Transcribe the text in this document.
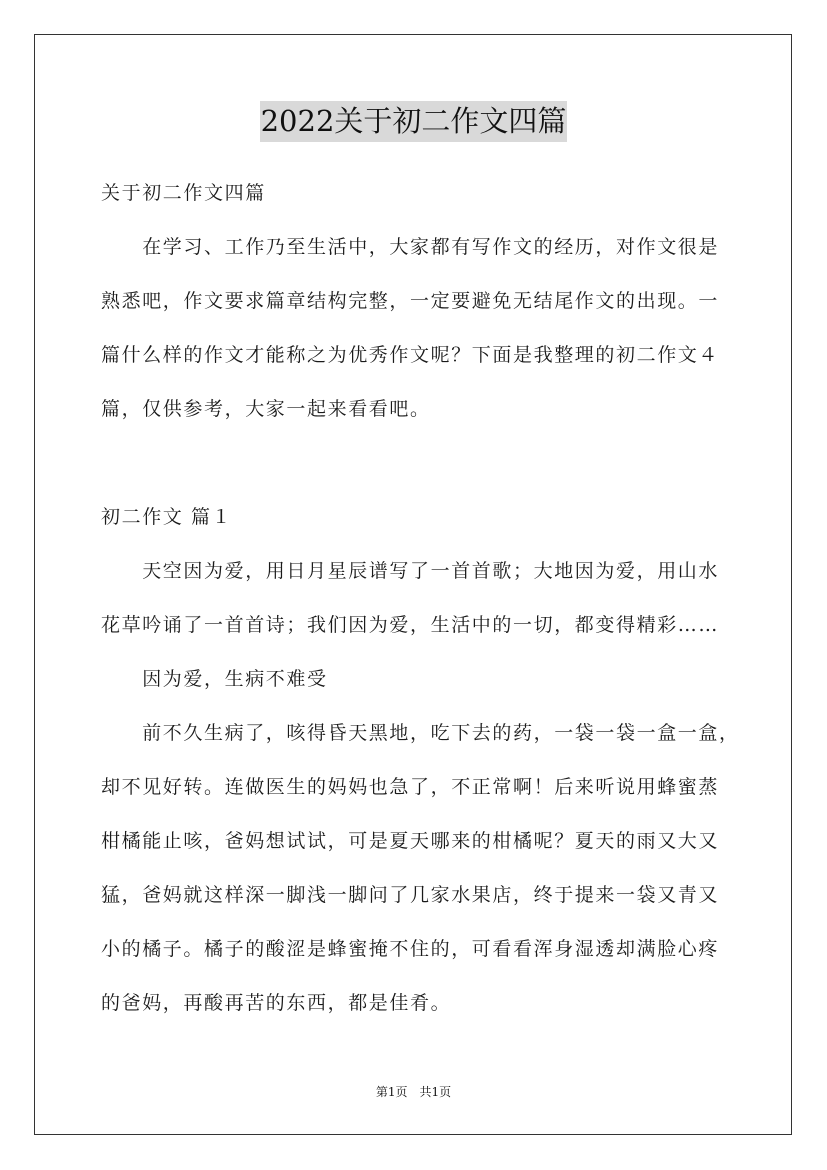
2022关于初二作文四篇
关于初二作文四篇
　　在学习、工作乃至生活中，大家都有写作文的经历，对作文很是
熟悉吧，作文要求篇章结构完整，一定要避免无结尾作文的出现。一
篇什么样的作文才能称之为优秀作文呢？下面是我整理的初二作文４
篇，仅供参考，大家一起来看看吧。
初二作文 篇１
　　天空因为爱，用日月星辰谱写了一首首歌；大地因为爱，用山水
花草吟诵了一首首诗；我们因为爱，生活中的一切，都变得精彩……
　　因为爱，生病不难受
　　前不久生病了，咳得昏天黑地，吃下去的药，一袋一袋一盒一盒，
却不见好转。连做医生的妈妈也急了，不正常啊！后来听说用蜂蜜蒸
柑橘能止咳，爸妈想试试，可是夏天哪来的柑橘呢？夏天的雨又大又
猛，爸妈就这样深一脚浅一脚问了几家水果店，终于提来一袋又青又
小的橘子。橘子的酸涩是蜂蜜掩不住的，可看看浑身湿透却满脸心疼
的爸妈，再酸再苦的东西，都是佳肴。
第1页　共1页
